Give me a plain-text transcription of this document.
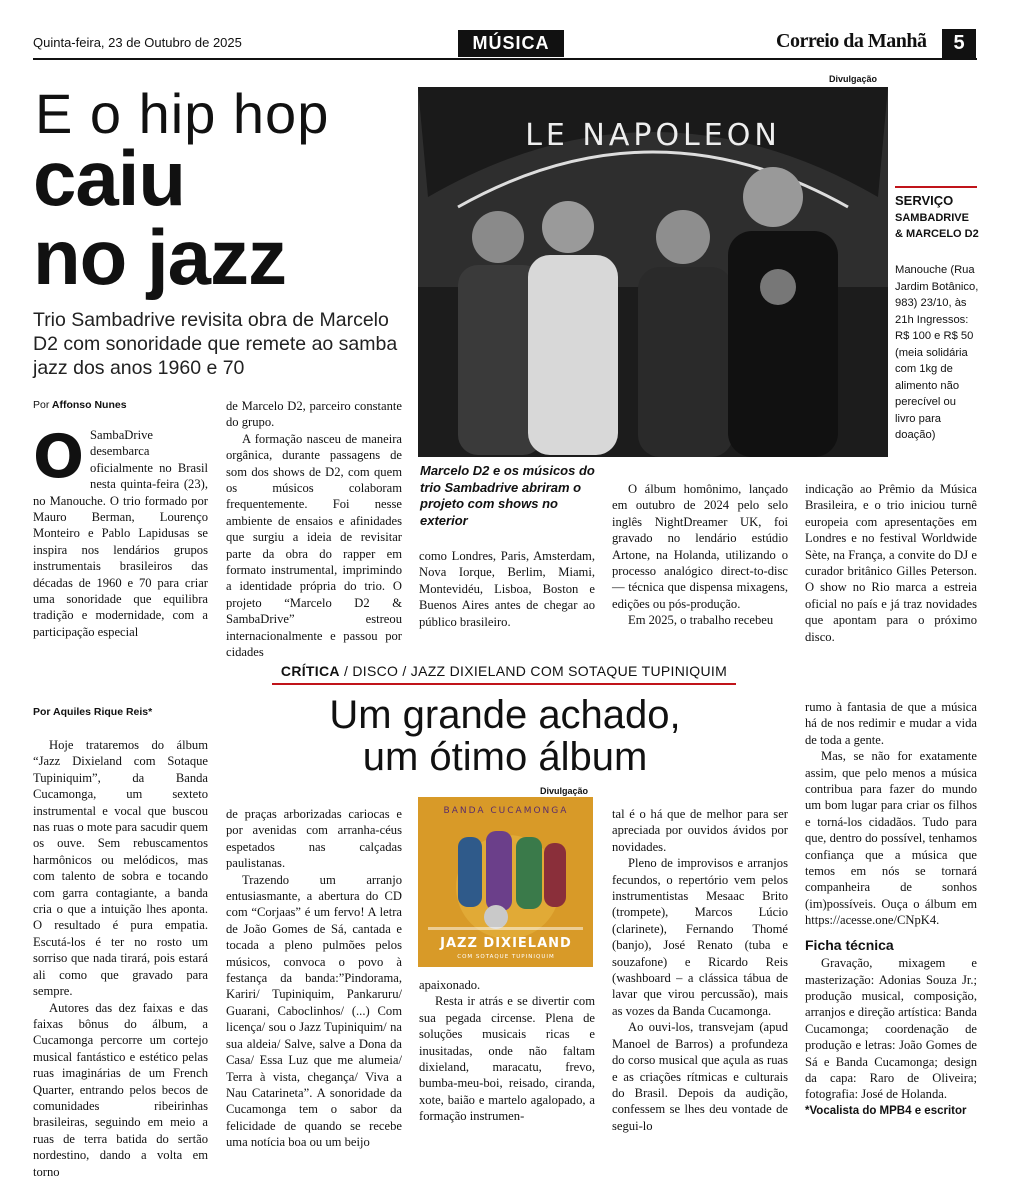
Quinta-feira, 23 de Outubro de 2025	MÚSICA	Correio da Manhã	5
E o hip hop
caiu
no jazz
Trio Sambadrive revisita obra de Marcelo D2 com sonoridade que remete ao samba jazz dos anos 1960 e 70
Por Affonso Nunes
O SambaDrive desembarca oficialmente no Brasil nesta quinta-feira (23), no Manouche. O trio formado por Mauro Berman, Lourenço Monteiro e Pablo Lapidusas se inspira nos lendários grupos instrumentais brasileiros das décadas de 1960 e 70 para criar uma sonoridade que equilibra tradição e modernidade, com a participação especial

de Marcelo D2, parceiro constante do grupo.

A formação nasceu de maneira orgânica, durante passagens de som dos shows de D2, com quem os músicos colaboram frequentemente. Foi nesse ambiente de ensaios e afinidades que surgiu a ideia de revisitar parte da obra do rapper em formato instrumental, imprimindo a identidade própria do trio. O projeto “Marcelo D2 & SambaDrive” estreou internacionalmente e passou por cidades

Divulgação
LE NAPOLEON
Marcelo D2 e os músicos do trio Sambadrive abriram o projeto com shows no exterior
como Londres, Paris, Amsterdam, Nova Iorque, Berlim, Miami, Montevidéu, Lisboa, Boston e Buenos Aires antes de chegar ao público brasileiro.

O álbum homônimo, lançado em outubro de 2024 pelo selo inglês NightDreamer UK, foi gravado no lendário estúdio Artone, na Holanda, utilizando o processo analógico direct-to-disc — técnica que dispensa mixagens, edições ou pós-produção.

Em 2025, o trabalho recebeu

indicação ao Prêmio da Música Brasileira, e o trio iniciou turnê europeia com apresentações em Londres e no festival Worldwide Sète, na França, a convite do DJ e curador britânico Gilles Peterson. O show no Rio marca a estreia oficial no país e já traz novidades que apontam para o próximo disco.
SERVIÇO
SAMBADRIVE & MARCELO D2
Manouche (Rua Jardim Botânico, 983) 23/10, às 21h Ingressos: R$ 100 e R$ 50 (meia solidária com 1kg de alimento não perecível ou livro para doação)
CRÍTICA / DISCO / JAZZ DIXIELAND COM SOTAQUE TUPINIQUIM
Um grande achado,
um ótimo álbum
Por Aquiles Rique Reis*

Hoje trataremos do álbum “Jazz Dixieland com Sotaque Tupiniquim”, da Banda Cucamonga, um sexteto instrumental e vocal que buscou nas ruas o mote para sacudir quem os ouve. Sem rebuscamentos harmônicos ou melódicos, mas com talento de sobra e tocando com garra contagiante, a banda cria o que a intuição lhes aponta. O resultado é pura empatia. Escutá-los é ter no rosto um sorriso que nada tirará, pois estará ali como que gravado para sempre.

Autores das dez faixas e das faixas bônus do álbum, a Cucamonga percorre um cortejo musical fantástico e estético pelas ruas imaginárias de um French Quarter, entrando pelos becos de comunidades ribeirinhas brasileiras, seguindo em meio a ruas de terra batida do sertão nordestino, dando a volta em torno

de praças arborizadas cariocas e por avenidas com arranha-céus espetados nas calçadas paulistanas.

Trazendo um arranjo entusiasmante, a abertura do CD com “Corjaas” é um fervo! A letra de João Gomes de Sá, cantada e tocada a pleno pulmões pelos músicos, convoca o povo à festança da banda:”Pindorama, Kariri/ Tupiniquim, Pankaruru/ Guarani, Caboclinhos/ (...) Com licença/ sou o Jazz Tupiniquim/ na sua aldeia/ Salve, salve a Dona da Casa/ Essa Luz que me alumeia/ Terra à vista, chegança/ Viva a Nau Catarineta”. A sonoridade da Cucamonga tem o sabor da felicidade de quando se recebe uma notícia boa ou um beijo

Divulgação
BANDA CUCAMONGA
JAZZ DIXIELAND
COM SOTAQUE TUPINIQUIM

apaixonado.

Resta ir atrás e se divertir com sua pegada circense. Plena de soluções musicais ricas e inusitadas, onde não faltam dixieland, maracatu, frevo, bumba-meu-boi, reisado, ciranda, xote, baião e martelo agalopado, a formação instrumen-

tal é o há que de melhor para ser apreciada por ouvidos ávidos por novidades.

Pleno de improvisos e arranjos fecundos, o repertório vem pelos instrumentistas Mesaac Brito (trompete), Marcos Lúcio (clarinete), Fernando Thomé (banjo), José Renato (tuba e souzafone) e Ricardo Reis (washboard – a clássica tábua de lavar que virou percussão), mais as vozes da Banda Cucamonga.

Ao ouvi-los, transvejam (apud Manoel de Barros) a profundeza do corso musical que açula as ruas e as criações rítmicas e culturais do Brasil. Depois da audição, confessem se lhes deu vontade de segui-lo

rumo à fantasia de que a música há de nos redimir e mudar a vida de toda a gente.

Mas, se não for exatamente assim, que pelo menos a música contribua para fazer do mundo um bom lugar para criar os filhos e torná-los cidadãos. Tudo para que, dentro do possível, tenhamos confiança que a música que temos em nós se tornará companheira de sonhos (im)possíveis. Ouça o álbum em https://acesse.one/CNpK4.

Ficha técnica

Gravação, mixagem e masterização: Adonias Souza Jr.; produção musical, composição, arranjos e direção artística: Banda Cucamonga; coordenação de produção e letras: João Gomes de Sá e Banda Cucamonga; design da capa: Raro de Oliveira; fotografia: José de Holanda.

*Vocalista do MPB4 e escritor
